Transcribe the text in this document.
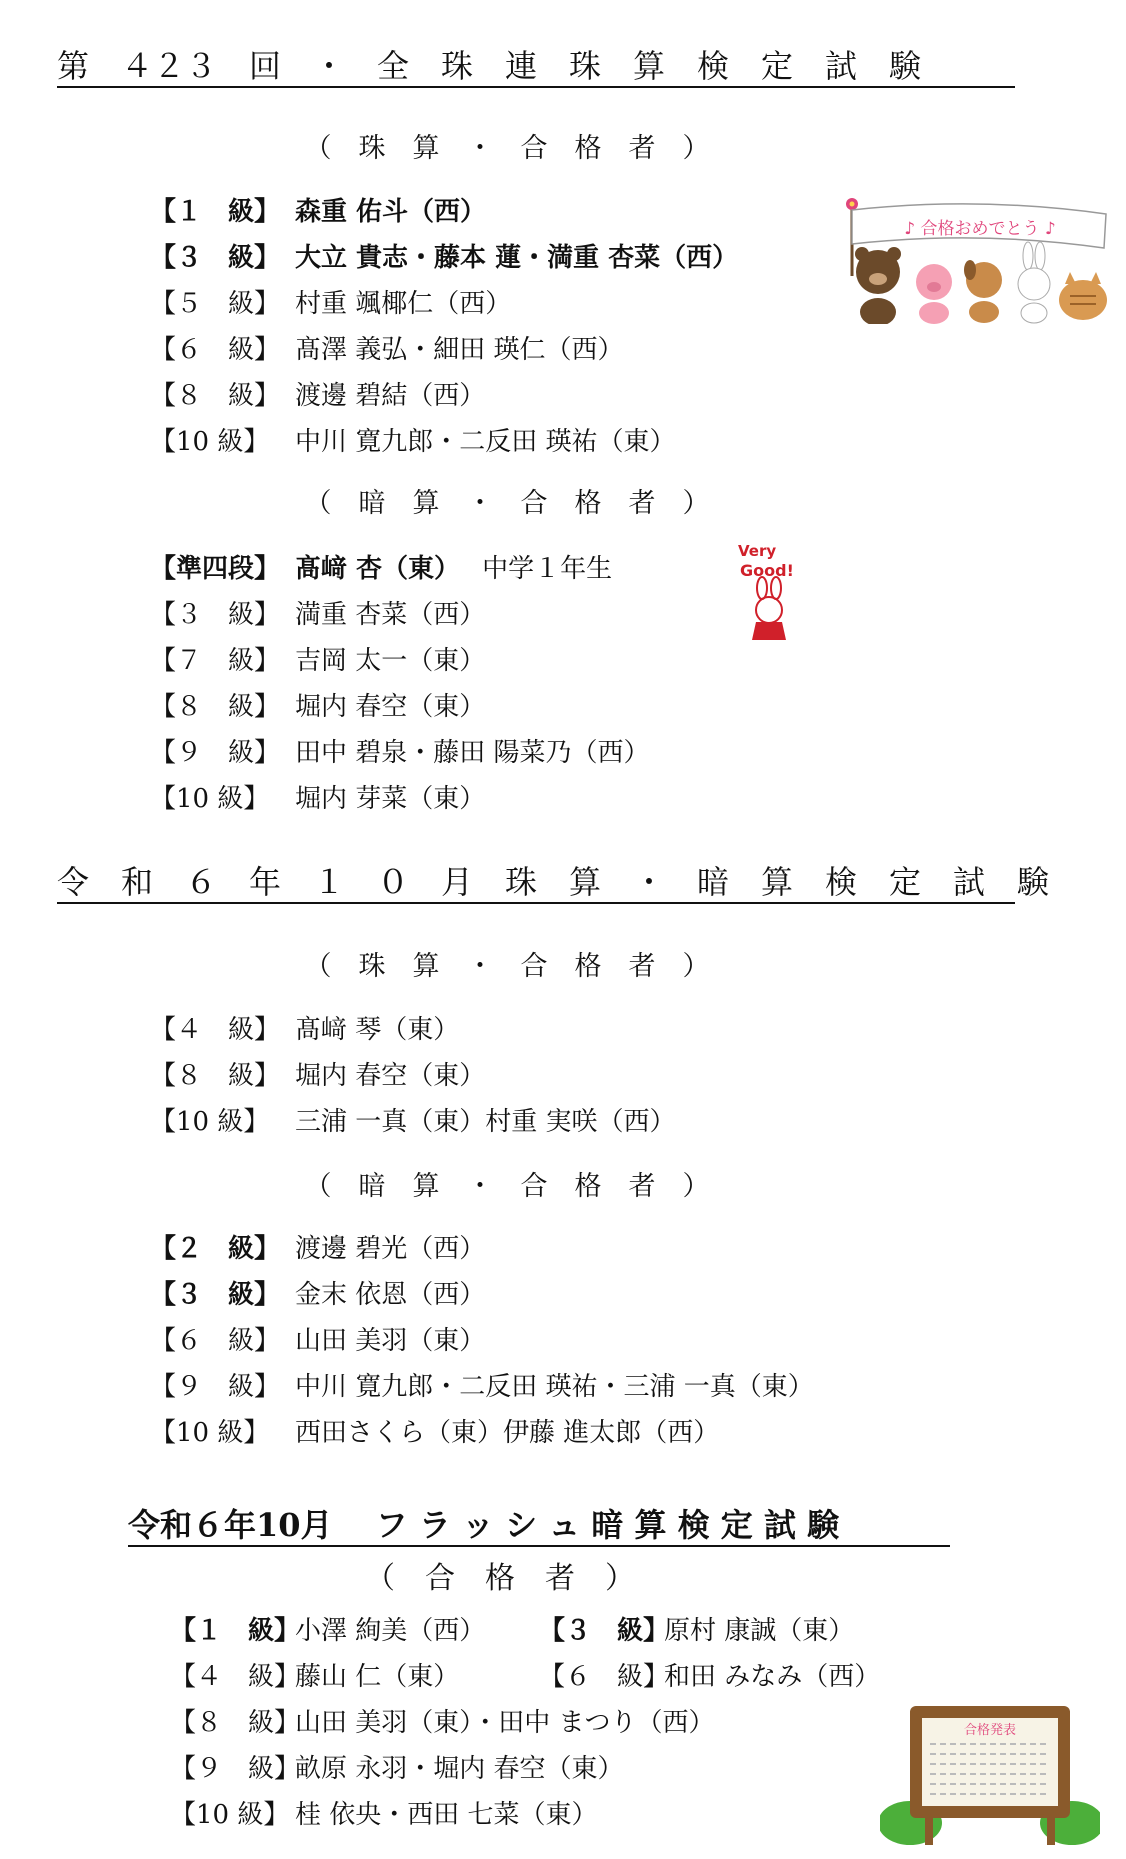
第　４２３　回　・　全　珠　連　珠　算　検　定　試　験
（　珠　算　・　合　格　者　）
【１　級】 森重 佑斗（西）
【３　級】 大立 貴志・藤本 蓮・満重 杏菜（西）
【５　級】 村重 颯椰仁（西）
【６　級】 髙澤 義弘・細田 瑛仁（西）
【８　級】 渡邊 碧結（西）
【10 級】 中川 寛九郎・二反田 瑛祐（東）
（　暗　算　・　合　格　者　）
【準四段】 髙﨑 杏（東） 中学１年生
【３　級】 満重 杏菜（西）
【７　級】 吉岡 太一（東）
【８　級】 堀内 春空（東）
【９　級】 田中 碧泉・藤田 陽菜乃（西）
【10 級】 堀内 芽菜（東）
令　和　６　年　１　０　月　珠　算　・　暗　算　検　定　試　験
（　珠　算　・　合　格　者　）
【４　級】 髙﨑 琴（東）
【８　級】 堀内 春空（東）
【10 級】 三浦 一真（東）村重 実咲（西）
（　暗　算　・　合　格　者　）
【２　級】 渡邊 碧光（西）
【３　級】 金末 依恩（西）
【６　級】 山田 美羽（東）
【９　級】 中川 寛九郎・二反田 瑛祐・三浦 一真（東）
【10 級】 西田さくら（東）伊藤 進太郎（西）
令和６年10月　 フ ラ ッ シ ュ 暗 算 検 定 試 験
（　合　格　者　）
【１　級】小澤 絢美（西） 【３　級】原村 康誠（東）
【４　級】藤山 仁（東）	【６　級】和田 みなみ（西）
【８　級】山田 美羽（東）・田中 まつり（西）
【９　級】畝原 永羽・堀内 春空（東）
【10 級】 桂 依央・西田 七菜（東）
♪ 合格おめでとう ♪
Very
Good!
合格発表
